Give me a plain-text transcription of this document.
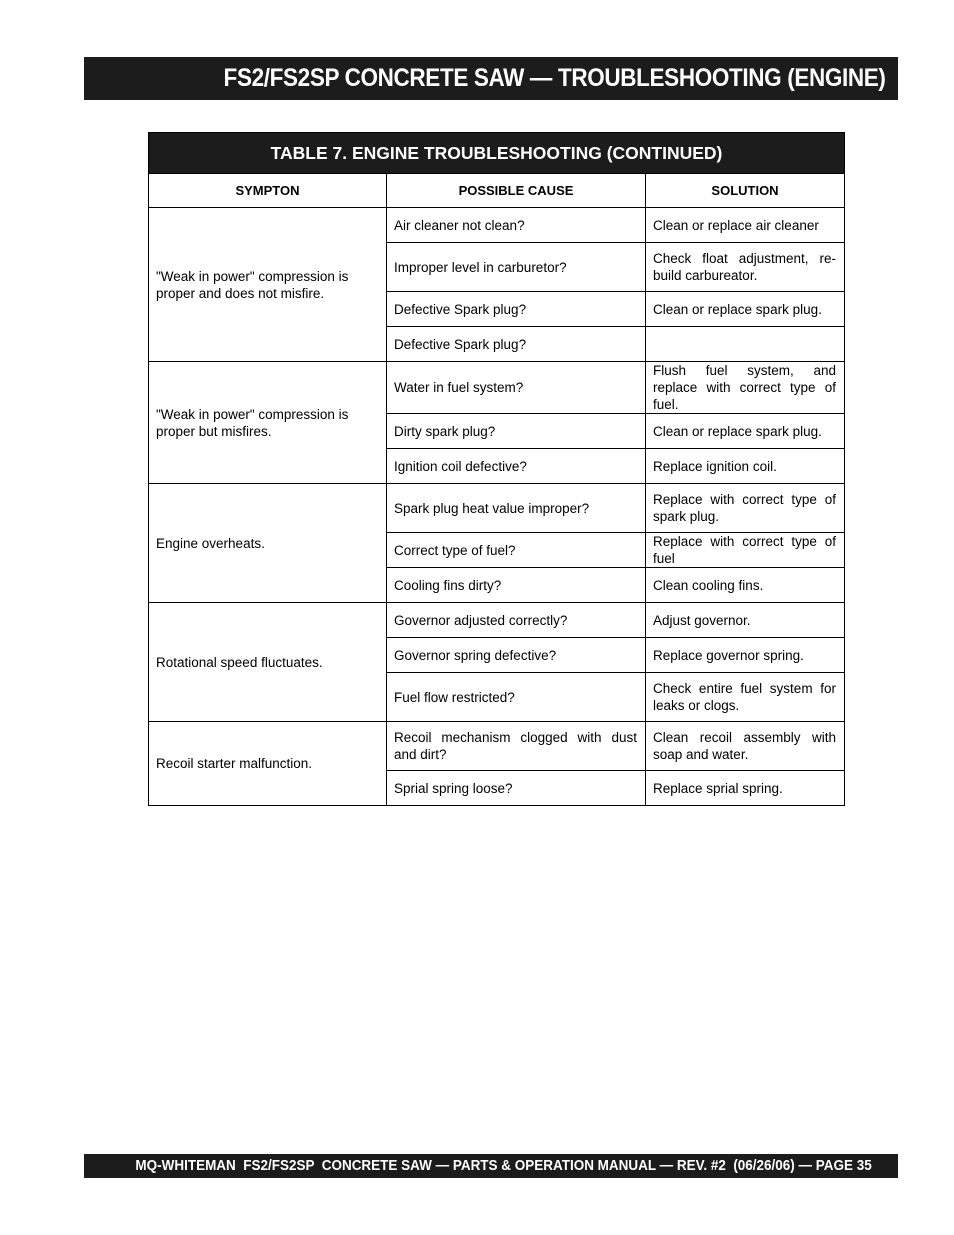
FS2/FS2SP CONCRETE SAW — TROUBLESHOOTING (ENGINE)
TABLE 7. ENGINE TROUBLESHOOTING (CONTINUED)		
SYMPTON	POSSIBLE CAUSE	SOLUTION
"Weak in power" compression is proper and does not misfire.	Air cleaner not clean?	Clean or replace air cleaner
	Improper level in carburetor?	Check float adjustment, re-build carbureator.
	Defective Spark plug?	Clean or replace spark plug.
	Defective Spark plug?	
"Weak in power" compression is proper but misfires.	Water in fuel system?	Flush fuel system, and replace with correct type of fuel.
	Dirty spark plug?	Clean or replace spark plug.
	Ignition coil defective?	Replace ignition coil.
Engine overheats.	Spark plug heat value improper?	Replace with correct type of spark plug.
	Correct type of fuel?	Replace with correct type of fuel
	Cooling fins dirty?	Clean cooling fins.
Rotational speed fluctuates.	Governor adjusted correctly?	Adjust governor.
	Governor spring defective?	Replace governor spring.
	Fuel flow restricted?	Check entire fuel system for leaks or clogs.
Recoil starter malfunction.	Recoil mechanism clogged with dust and dirt?	Clean recoil assembly with soap and water.
	Sprial spring loose?	Replace sprial spring.
MQ-WHITEMAN  FS2/FS2SP  CONCRETE SAW — PARTS & OPERATION MANUAL — REV. #2  (06/26/06) — PAGE 35
